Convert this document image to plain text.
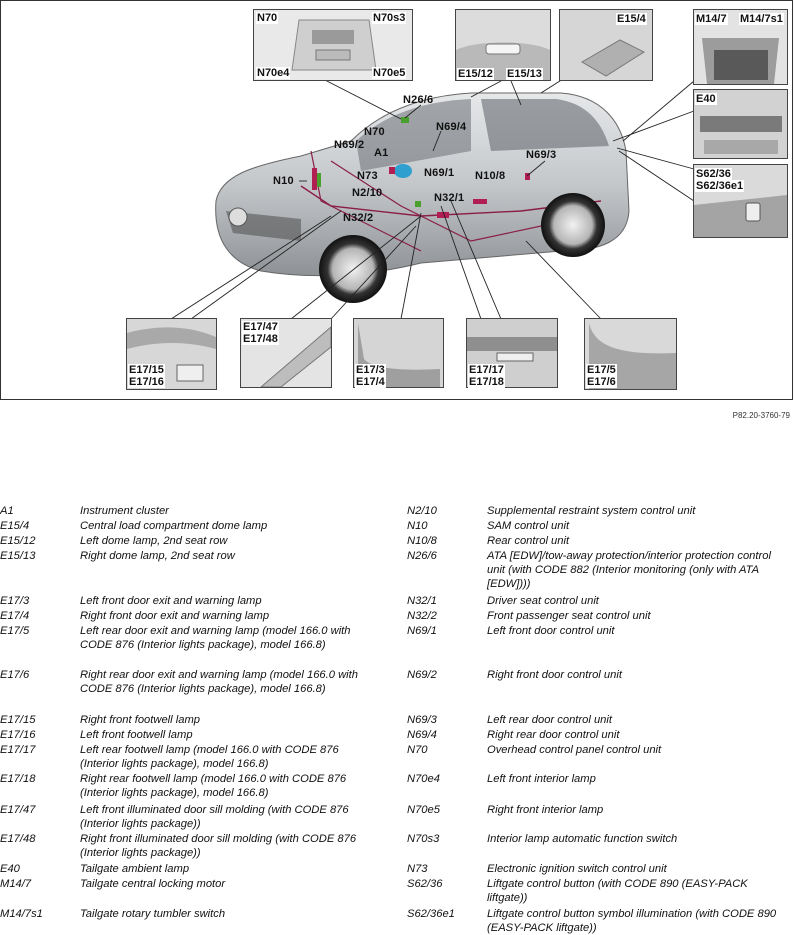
N26/6
N69/4
N70
N69/2
A1
N73
N10
N69/1 N10/8
N69/3
N2/10	N32/1
N32/2
N70	N70s3
N70e4	N70e5	E15/12 E15/13
E15/4	M14/7 M14/7s1
E40
S62/36
S62/36e1
E17/15
E17/16
E17/47
E17/48
E17/3
E17/4
E17/17
E17/18
E17/5
E17/6
P82.20-3760-79
A1	Instrument cluster
E15/4	Central load compartment dome lamp
E15/12	Left dome lamp, 2nd seat row
E15/13	Right dome lamp, 2nd seat row
E17/3	Left front door exit and warning lamp
E17/4	Right front door exit and warning lamp
E17/5	Left rear door exit and warning lamp (model 166.0 with CODE 876 (Interior lights package), model 166.8)
E17/6	Right rear door exit and warning lamp (model 166.0 with CODE 876 (Interior lights package), model 166.8)
E17/15	Right front footwell lamp
E17/16	Left front footwell lamp
E17/17	Left rear footwell lamp (model 166.0 with CODE 876 (Interior lights package), model 166.8)
E17/18	Right rear footwell lamp (model 166.0 with CODE 876 (Interior lights package), model 166.8)
E17/47	Left front illuminated door sill molding (with CODE 876 (Interior lights package))
E17/48	Right front illuminated door sill molding (with CODE 876 (Interior lights package))
E40	Tailgate ambient lamp
M14/7	Tailgate central locking motor
M14/7s1	Tailgate rotary tumbler switch
N2/10	Supplemental restraint system control unit
N10	SAM control unit
N10/8	Rear control unit
N26/6	ATA [EDW]/tow-away protection/interior protection control unit (with CODE 882 (Interior monitoring (only with ATA [EDW])))
N32/1	Driver seat control unit
N32/2	Front passenger seat control unit
N69/1	Left front door control unit
N69/2	Right front door control unit
N69/3	Left rear door control unit
N69/4	Right rear door control unit
N70	Overhead control panel control unit
N70e4	Left front interior lamp
N70e5	Right front interior lamp
N70s3	Interior lamp automatic function switch
N73	Electronic ignition switch control unit
S62/36	Liftgate control button (with CODE 890 (EASY-PACK liftgate))
S62/36e1	Liftgate control button symbol illumination (with CODE 890 (EASY-PACK liftgate))
